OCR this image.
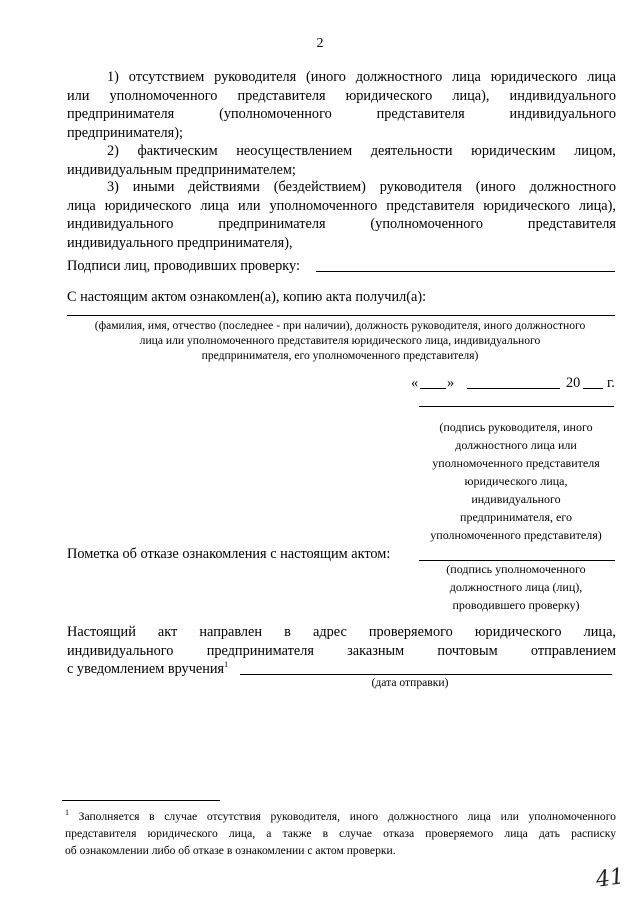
2
1) отсутствием руководителя (иного должностного лица юридического лица
или уполномоченного представителя юридического лица), индивидуального
предпринимателя (уполномоченного представителя индивидуального
предпринимателя);
2) фактическим неосуществлением деятельности юридическим лицом,
индивидуальным предпринимателем;
3) иными действиями (бездействием) руководителя (иного должностного
лица юридического лица или уполномоченного представителя юридического лица),
индивидуального предпринимателя (уполномоченного представителя
индивидуального предпринимателя),
Подписи лиц, проводивших проверку:
С настоящим актом ознакомлен(а), копию акта получил(а):
(фамилия, имя, отчество (последнее - при наличии), должность руководителя, иного должностного
лица или уполномоченного представителя юридического лица, индивидуального
предпринимателя, его уполномоченного представителя)
« »	20 г.
(подпись руководителя, иного
должностного лица или
уполномоченного представителя
юридического лица,
индивидуального
предпринимателя, его
уполномоченного представителя)
Пометка об отказе ознакомления с настоящим актом:
(подпись уполномоченного
должностного лица (лиц),
проводившего проверку)
Настоящий акт направлен в адрес проверяемого юридического лица,
индивидуального предпринимателя заказным почтовым отправлением
с уведомлением вручения$^1$
(дата отправки)
$^1$ Заполняется в случае отсутствия руководителя, иного должностного лица или уполномоченного
представителя юридического лица, а также в случае отказа проверяемого лица дать расписку
об ознакомлении либо об отказе в ознакомлении с актом проверки.
41
